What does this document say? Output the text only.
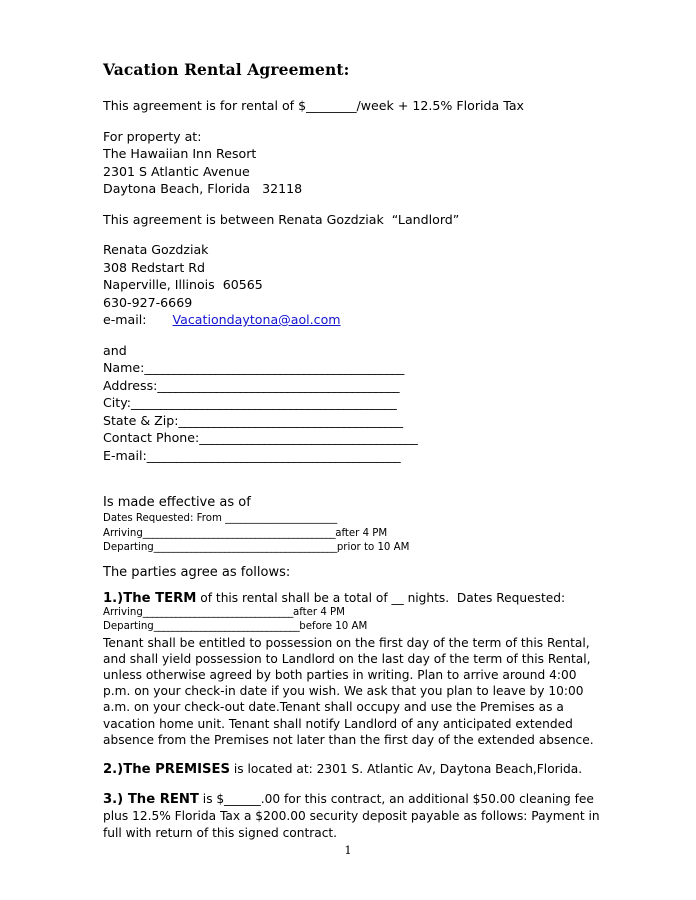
Vacation Rental Agreement:
This agreement is for rental of $________/week + 12.5% Florida Tax
For property at:
The Hawaiian Inn Resort
2301 S Atlantic Avenue
Daytona Beach, Florida   32118
This agreement is between Renata Gozdziak  “Landlord”
Renata Gozdziak
308 Redstart Rd
Naperville, Illinois  60565
630-927-6669
e-mail: Vacationdaytona@aol.com
and
Name:____________________________________________
Address:_________________________________________
City:_____________________________________________
State & Zip:______________________________________
Contact Phone:_____________________________________
E-mail:___________________________________________
Is made effective as of
Dates Requested: From ______________________
Arriving_________________________________________after 4 PM
Departing_______________________________________prior to 10 AM
The parties agree as follows:
1.)The TERM of this rental shall be a total of __ nights.  Dates Requested:
Arriving________________________________after 4 PM
Departing_______________________________before 10 AM
Tenant shall be entitled to possession on the first day of the term of this Rental, and shall yield possession to Landlord on the last day of the term of this Rental, unless otherwise agreed by both parties in writing. Plan to arrive around 4:00 p.m. on your check-in date if you wish. We ask that you plan to leave by 10:00 a.m. on your check-out date.Tenant shall occupy and use the Premises as a vacation home unit. Tenant shall notify Landlord of any anticipated extended absence from the Premises not later than the first day of the extended absence.
2.)The PREMISES is located at: 2301 S. Atlantic Av, Daytona Beach,Florida.
3.) The RENT is $______.00 for this contract, an additional $50.00 cleaning fee plus 12.5% Florida Tax a $200.00 security deposit payable as follows: Payment in full with return of this signed contract.
1
